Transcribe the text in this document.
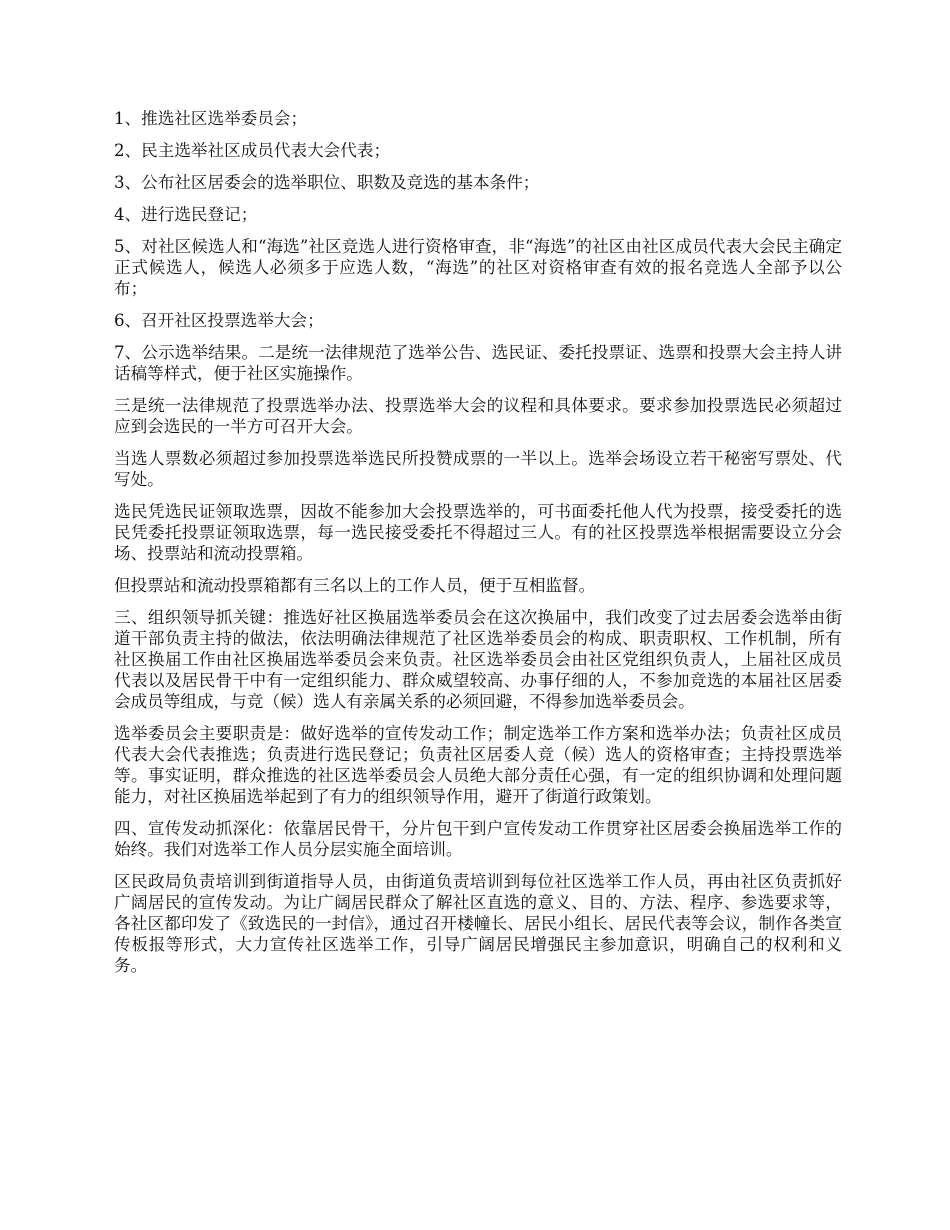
1、推选社区选举委员会；

2、民主选举社区成员代表大会代表；

3、公布社区居委会的选举职位、职数及竞选的基本条件；

4、进行选民登记；

5、对社区候选人和“海选”社区竞选人进行资格审查，非“海选”的社区由社区成员代表大会民主确定正式候选人，候选人必须多于应选人数，“海选”的社区对资格审查有效的报名竞选人全部予以公布；

6、召开社区投票选举大会；

7、公示选举结果。二是统一法律规范了选举公告、选民证、委托投票证、选票和投票大会主持人讲话稿等样式，便于社区实施操作。

三是统一法律规范了投票选举办法、投票选举大会的议程和具体要求。要求参加投票选民必须超过应到会选民的一半方可召开大会。

当选人票数必须超过参加投票选举选民所投赞成票的一半以上。选举会场设立若干秘密写票处、代写处。

选民凭选民证领取选票，因故不能参加大会投票选举的，可书面委托他人代为投票，接受委托的选民凭委托投票证领取选票，每一选民接受委托不得超过三人。有的社区投票选举根据需要设立分会场、投票站和流动投票箱。

但投票站和流动投票箱都有三名以上的工作人员，便于互相监督。

三、组织领导抓关键：推选好社区换届选举委员会在这次换届中，我们改变了过去居委会选举由街道干部负责主持的做法，依法明确法律规范了社区选举委员会的构成、职责职权、工作机制，所有社区换届工作由社区换届选举委员会来负责。社区选举委员会由社区党组织负责人，上届社区成员代表以及居民骨干中有一定组织能力、群众威望较高、办事仔细的人，不参加竞选的本届社区居委会成员等组成，与竞（候）选人有亲属关系的必须回避，不得参加选举委员会。

选举委员会主要职责是：做好选举的宣传发动工作；制定选举工作方案和选举办法；负责社区成员代表大会代表推选；负责进行选民登记；负责社区居委人竞（候）选人的资格审查；主持投票选举等。事实证明，群众推选的社区选举委员会人员绝大部分责任心强，有一定的组织协调和处理问题能力，对社区换届选举起到了有力的组织领导作用，避开了街道行政策划。

四、宣传发动抓深化：依靠居民骨干，分片包干到户宣传发动工作贯穿社区居委会换届选举工作的始终。我们对选举工作人员分层实施全面培训。

区民政局负责培训到街道指导人员，由街道负责培训到每位社区选举工作人员，再由社区负责抓好广阔居民的宣传发动。为让广阔居民群众了解社区直选的意义、目的、方法、程序、参选要求等，各社区都印发了《致选民的一封信》，通过召开楼幢长、居民小组长、居民代表等会议，制作各类宣传板报等形式，大力宣传社区选举工作，引导广阔居民增强民主参加意识，明确自己的权利和义务。
